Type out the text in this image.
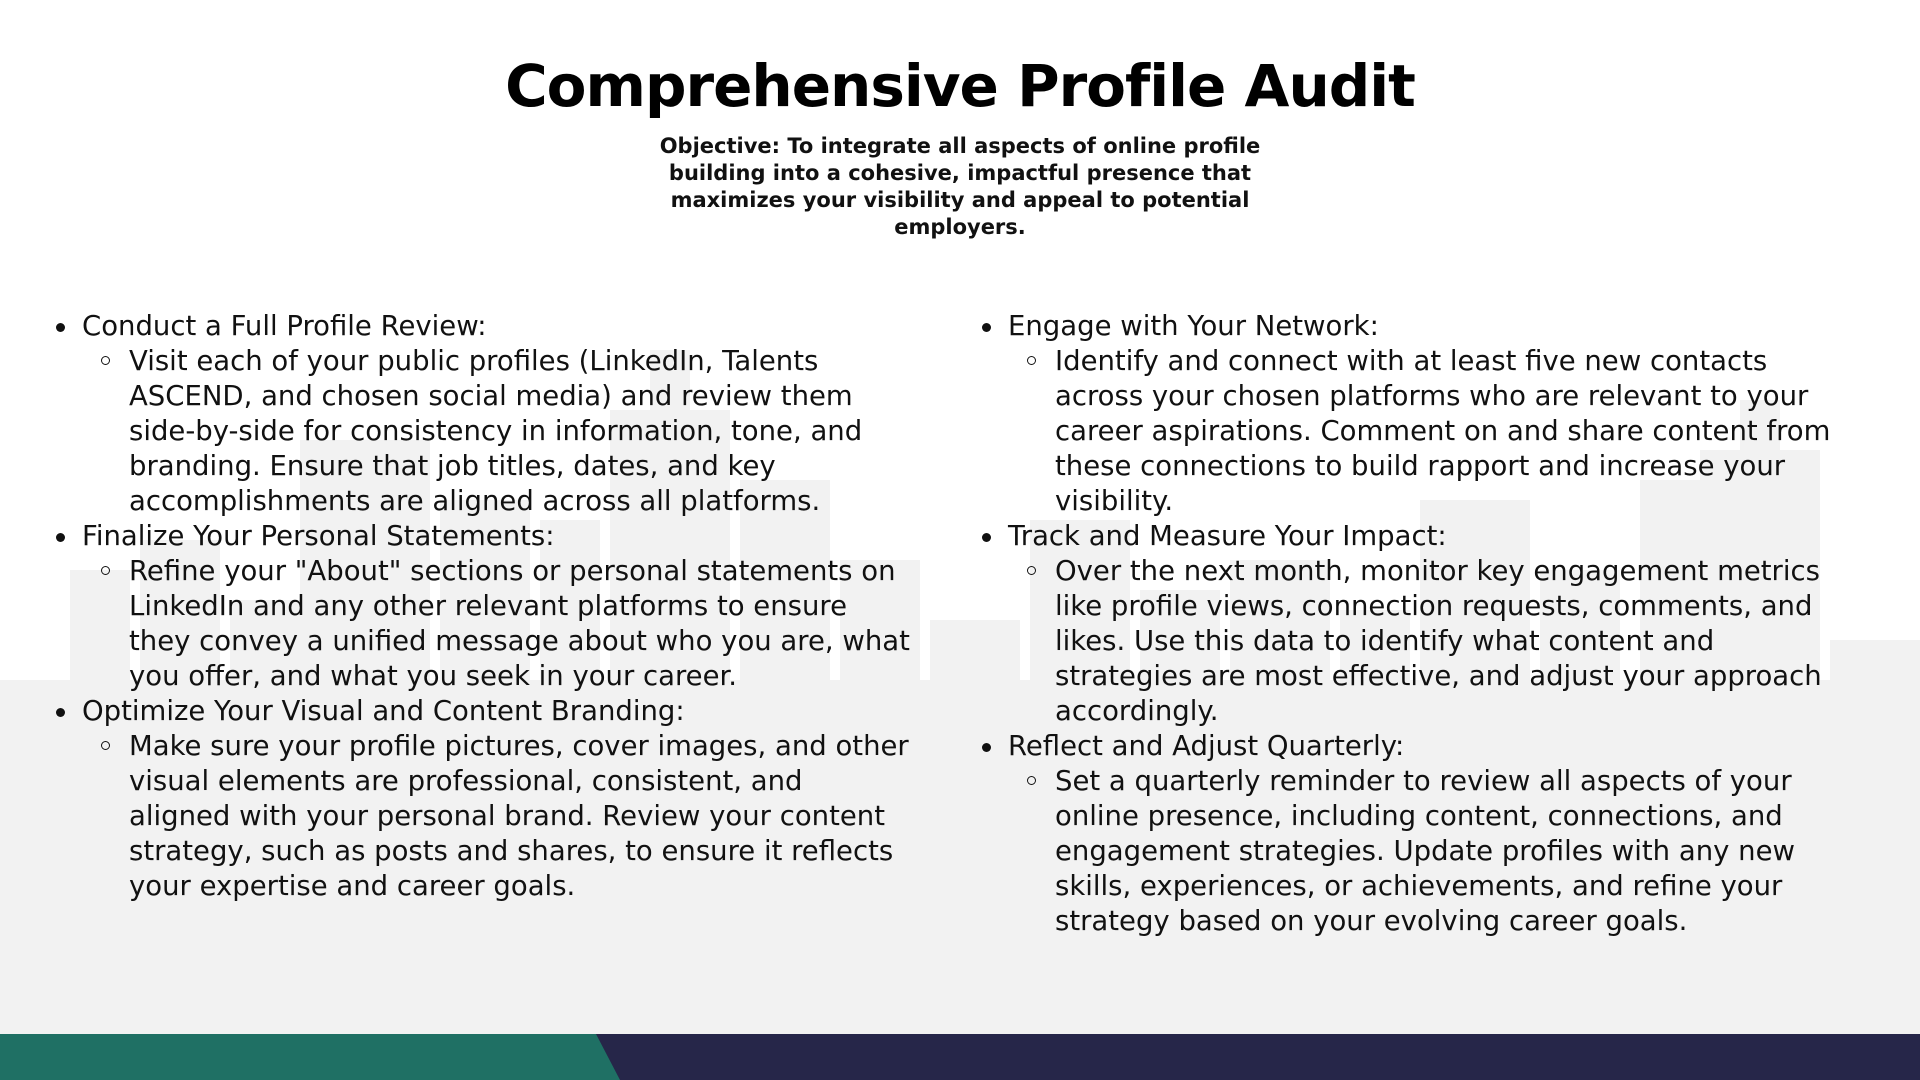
Comprehensive Profile Audit

Objective: To integrate all aspects of online profile building into a cohesive, impactful presence that maximizes your visibility and appeal to potential employers.

Conduct a Full Profile Review:
Visit each of your public profiles (LinkedIn, Talents ASCEND, and chosen social media) and review them side-by-side for consistency in information, tone, and branding. Ensure that job titles, dates, and key accomplishments are aligned across all platforms.
Finalize Your Personal Statements:
Refine your "About" sections or personal statements on LinkedIn and any other relevant platforms to ensure they convey a unified message about who you are, what you offer, and what you seek in your career.
Optimize Your Visual and Content Branding:
Make sure your profile pictures, cover images, and other visual elements are professional, consistent, and aligned with your personal brand. Review your content strategy, such as posts and shares, to ensure it reflects your expertise and career goals.
Engage with Your Network:
Identify and connect with at least five new contacts across your chosen platforms who are relevant to your career aspirations. Comment on and share content from these connections to build rapport and increase your visibility.
Track and Measure Your Impact:
Over the next month, monitor key engagement metrics like profile views, connection requests, comments, and likes. Use this data to identify what content and strategies are most effective, and adjust your approach accordingly.
Reflect and Adjust Quarterly:
Set a quarterly reminder to review all aspects of your online presence, including content, connections, and engagement strategies. Update profiles with any new skills, experiences, or achievements, and refine your strategy based on your evolving career goals.
